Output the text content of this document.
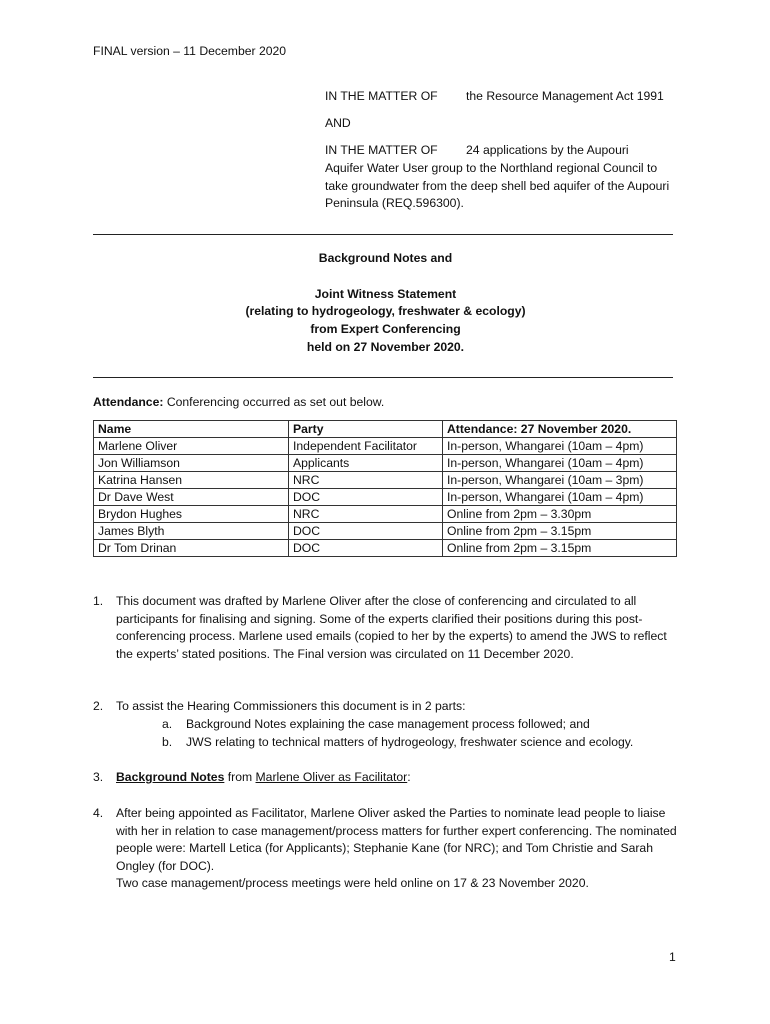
FINAL version – 11 December 2020
IN THE MATTER OF the Resource Management Act 1991
AND
IN THE MATTER OF 24 applications by the Aupouri
Aquifer Water User group to the Northland regional Council to take groundwater from the deep shell bed aquifer of the Aupouri Peninsula (REQ.596300).
Background Notes and
Joint Witness Statement
(relating to hydrogeology, freshwater & ecology)
from Expert Conferencing
held on 27 November 2020.
Attendance: Conferencing occurred as set out below.
Name	Party	Attendance: 27 November 2020.
Marlene Oliver	Independent Facilitator	In-person, Whangarei (10am – 4pm)
Jon Williamson	Applicants	In-person, Whangarei (10am – 4pm)
Katrina Hansen	NRC	In-person, Whangarei (10am – 3pm)
Dr Dave West	DOC	In-person, Whangarei (10am – 4pm)
Brydon Hughes	NRC	Online from 2pm – 3.30pm
James Blyth	DOC	Online from 2pm – 3.15pm
Dr Tom Drinan	DOC	Online from 2pm – 3.15pm
1. This document was drafted by Marlene Oliver after the close of conferencing and circulated to all participants for finalising and signing. Some of the experts clarified their positions during this post-conferencing process. Marlene used emails (copied to her by the experts) to amend the JWS to reflect the experts’ stated positions. The Final version was circulated on 11 December 2020.
2. To assist the Hearing Commissioners this document is in 2 parts:
a. Background Notes explaining the case management process followed; and
b. JWS relating to technical matters of hydrogeology, freshwater science and ecology.
3. Background Notes from Marlene Oliver as Facilitator:
4. After being appointed as Facilitator, Marlene Oliver asked the Parties to nominate lead people to liaise with her in relation to case management/process matters for further expert conferencing. The nominated people were: Martell Letica (for Applicants); Stephanie Kane (for NRC); and Tom Christie and Sarah Ongley (for DOC).
Two case management/process meetings were held online on 17 & 23 November 2020.
1
